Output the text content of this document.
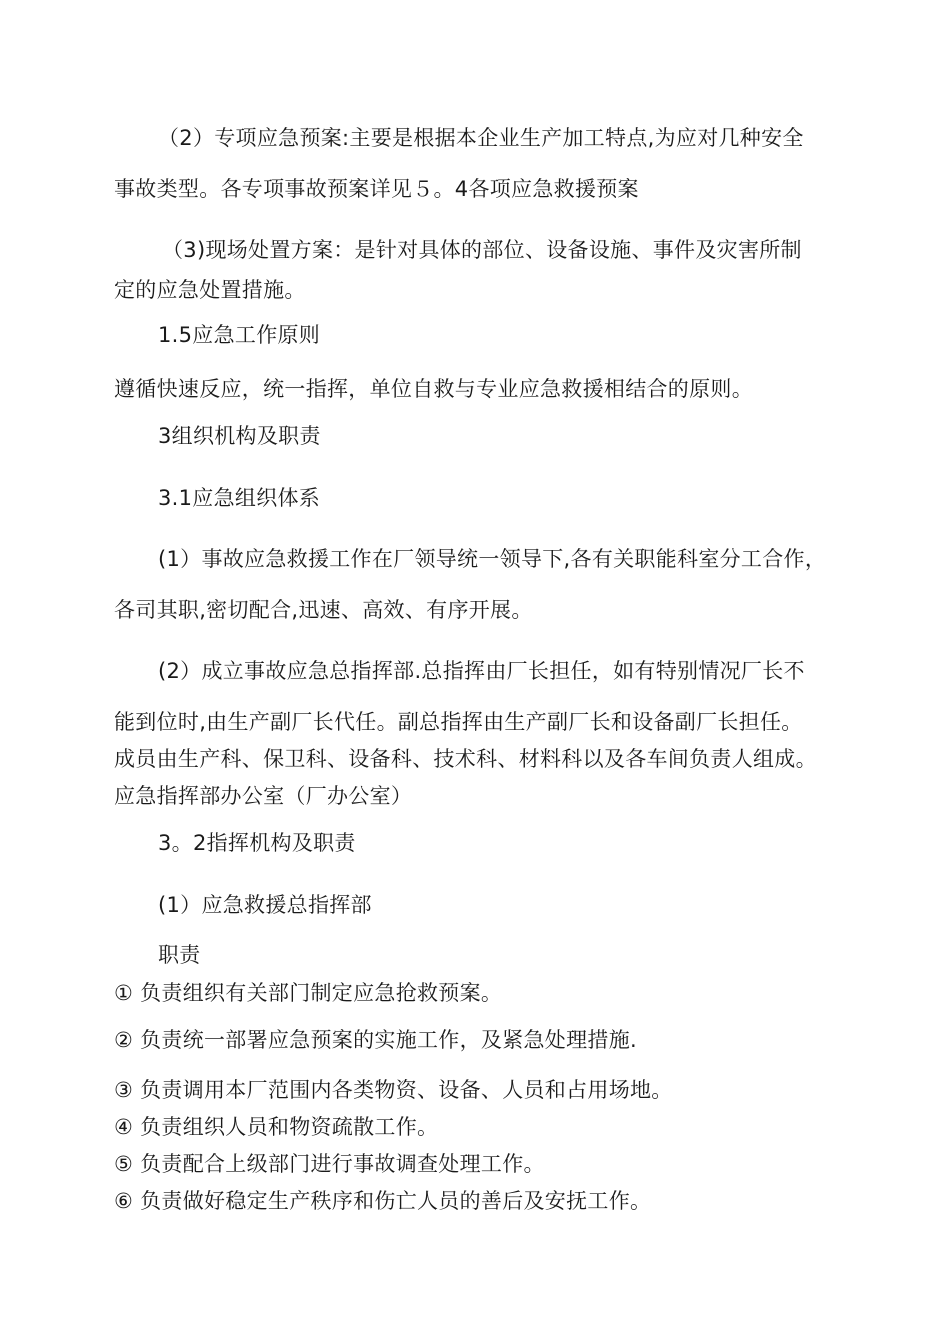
（2）专项应急预案:主要是根据本企业生产加工特点,为应对几种安全
事故类型。各专项事故预案详见５。4各项应急救援预案
（3)现场处置方案：是针对具体的部位、设备设施、事件及灾害所制
定的应急处置措施。
1.5应急工作原则
遵循快速反应，统一指挥，单位自救与专业应急救援相结合的原则。
3组织机构及职责
3.1应急组织体系
(1）事故应急救援工作在厂领导统一领导下,各有关职能科室分工合作，
各司其职,密切配合,迅速、高效、有序开展。
(2）成立事故应急总指挥部.总指挥由厂长担任，如有特别情况厂长不
能到位时,由生产副厂长代任。副总指挥由生产副厂长和设备副厂长担任。
成员由生产科、保卫科、设备科、技术科、材料科以及各车间负责人组成。
应急指挥部办公室（厂办公室）
3。2指挥机构及职责
(1）应急救援总指挥部
职责
① 负责组织有关部门制定应急抢救预案。
② 负责统一部署应急预案的实施工作，及紧急处理措施.
③ 负责调用本厂范围内各类物资、设备、人员和占用场地。
④ 负责组织人员和物资疏散工作。
⑤ 负责配合上级部门进行事故调查处理工作。
⑥ 负责做好稳定生产秩序和伤亡人员的善后及安抚工作。
